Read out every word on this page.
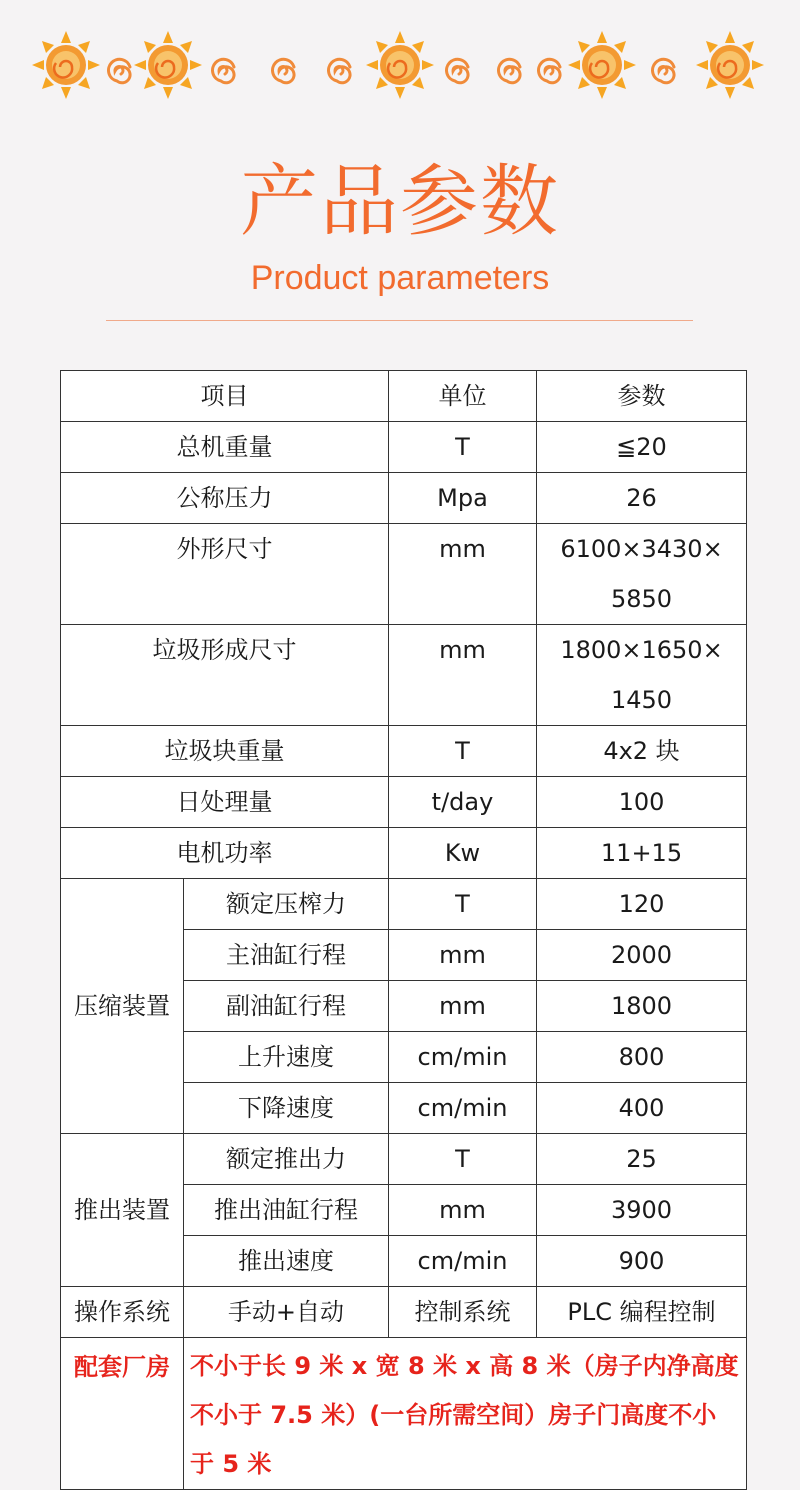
产品参数
Product parameters
项目		单位	参数
总机重量		T	≦20
公称压力		Mpa	26
外形尺寸		mm	6100×3430×5850
垃圾形成尺寸		mm	1800×1650×1450
垃圾块重量		T	4x2 块
日处理量		t/day	100
电机功率		Kw	11+15
压缩装置	额定压榨力	T	120
	主油缸行程	mm	2000
	副油缸行程	mm	1800
	上升速度	cm/min	800
	下降速度	cm/min	400
推出装置	额定推出力	T	25
	推出油缸行程	mm	3900
	推出速度	cm/min	900
操作系统	手动+自动	控制系统	PLC 编程控制
配套厂房	不小于长 9 米 x 宽 8 米 x 高 8 米（房子内净高度不小于 7.5 米）(一台所需空间）房子门高度不小于 5 米		
